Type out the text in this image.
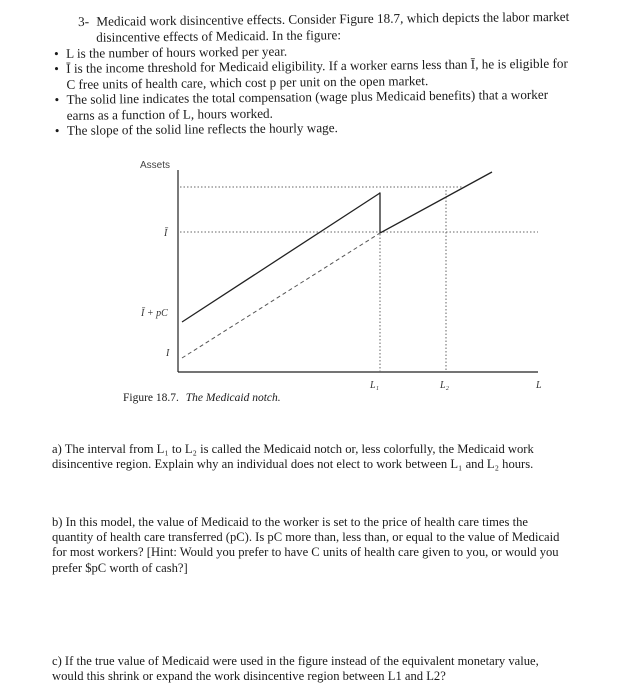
3- Medicaid work disincentive effects. Consider Figure 18.7, which depicts the labor market
disincentive effects of Medicaid. In the figure:
• L is the number of hours worked per year.
• Ī is the income threshold for Medicaid eligibility. If a worker earns less than Ī, he is eligible for C free units of health care, which cost p per unit on the open market.
• The solid line indicates the total compensation (wage plus Medicaid benefits) that a worker earns as a function of L, hours worked.
• The slope of the solid line reflects the hourly wage.
Assets
Ī
Ī + pC
I
L₁	L₂	L
Figure 18.7. The Medicaid notch.
a) The interval from L₁ to L₂ is called the Medicaid notch or, less colorfully, the Medicaid work disincentive region. Explain why an individual does not elect to work between L₁ and L₂ hours.
b) In this model, the value of Medicaid to the worker is set to the price of health care times the quantity of health care transferred (pC). Is pC more than, less than, or equal to the value of Medicaid for most workers? [Hint: Would you prefer to have C units of health care given to you, or would you prefer $pC worth of cash?]
c) If the true value of Medicaid were used in the figure instead of the equivalent monetary value, would this shrink or expand the work disincentive region between L1 and L2?
